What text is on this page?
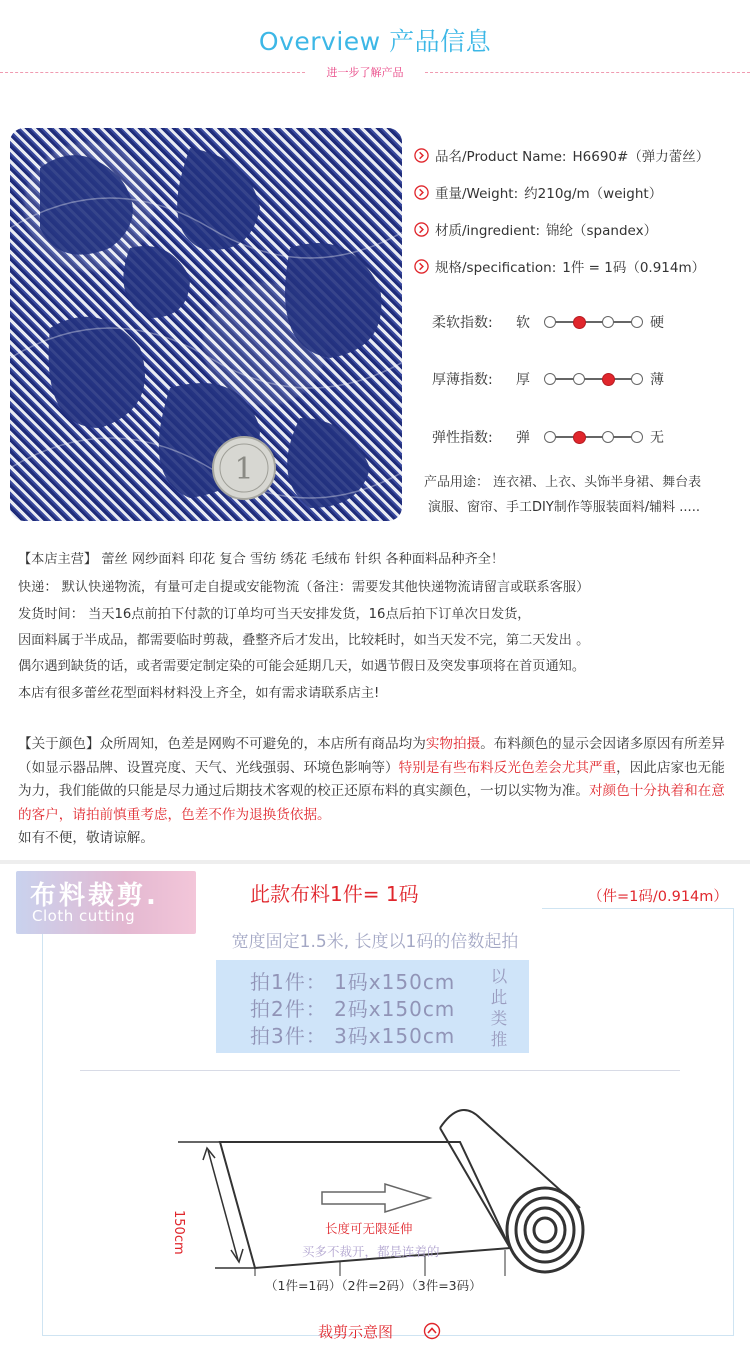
Overview 产品信息
进一步了解产品
1
品名/Product Name: H6690#（弹力蕾丝）
重量/Weight: 约210g/m（weight）
材质/ingredient: 锦纶（spandex）
规格/specification: 1件 = 1码（0.914m）
柔软指数:	软	硬
厚薄指数:	厚	薄
弹性指数:	弹	无
产品用途： 连衣裙、上衣、头饰半身裙、舞台表
演服、窗帘、手工DIY制作等服装面料/辅料 .....
【本店主营】 蕾丝 网纱面料 印花 复合 雪纺 绣花 毛绒布 针织 各种面料品种齐全！
快递： 默认快递物流，有量可走自提或安能物流（备注：需要发其他快递物流请留言或联系客服）
发货时间： 当天16点前拍下付款的订单均可当天安排发货，16点后拍下订单次日发货，
因面料属于半成品，都需要临时剪裁，叠整齐后才发出，比较耗时，如当天发不完，第二天发出 。
偶尔遇到缺货的话，或者需要定制定染的可能会延期几天，如遇节假日及突发事项将在首页通知。
本店有很多蕾丝花型面料材料没上齐全，如有需求请联系店主!
【关于颜色】众所周知，色差是网购不可避免的，本店所有商品均为实物拍摄。布料颜色的显示会因诸多原因有所差异（如显示器品牌、设置亮度、天气、光线强弱、环境色影响等）特别是有些布料反光色差会尤其严重，因此店家也无能为力，我们能做的只能是尽力通过后期技术客观的校正还原布料的真实颜色，一切以实物为准。对颜色十分执着和在意的客户，请拍前慎重考虑，色差不作为退换货依据。
如有不便，敬请谅解。
布料裁剪.
Cloth cutting
此款布料1件= 1码	（件=1码/0.914m）
宽度固定1.5米, 长度以1码的倍数起拍
拍1件： 1码x150cm
拍2件： 2码x150cm
拍3件： 3码x150cm
以此类推
150cm	长度可无限延伸
买多不裁开，都是连着的
（1件=1码）（2件=2码）（3件=3码）
裁剪示意图
